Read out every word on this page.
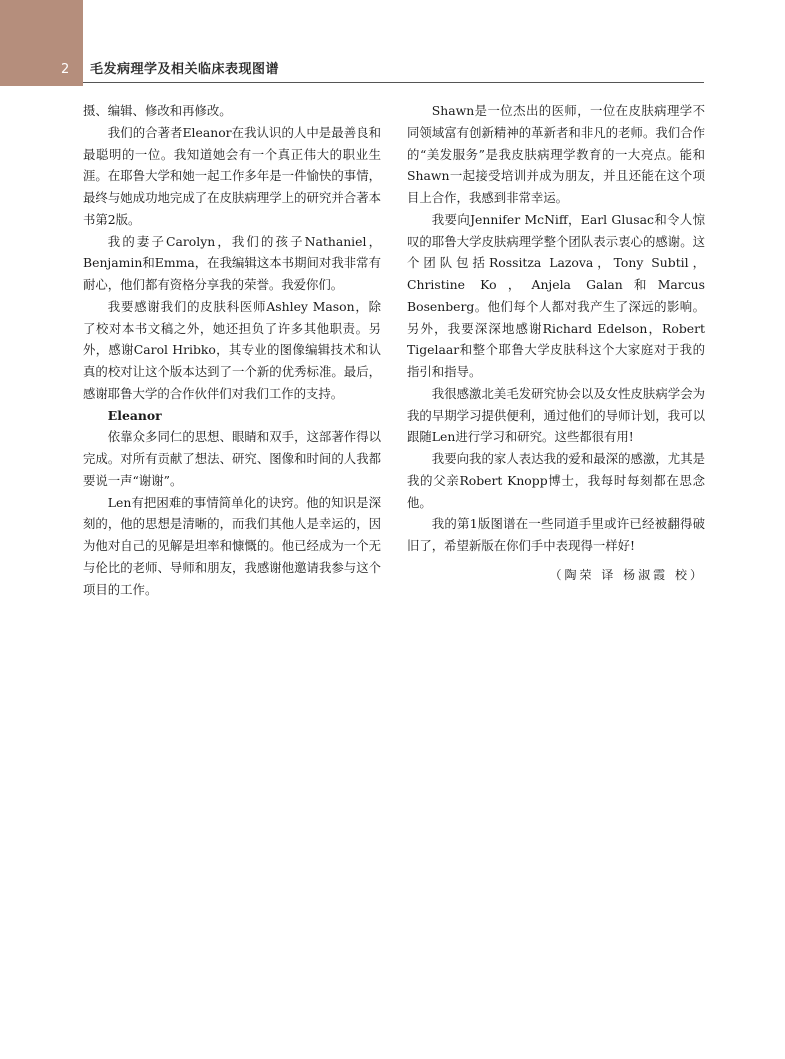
2 毛发病理学及相关临床表现图谱

摄、编辑、修改和再修改。

我们的合著者Eleanor在我认识的人中是最善良和最聪明的一位。我知道她会有一个真正伟大的职业生涯。在耶鲁大学和她一起工作多年是一件愉快的事情，最终与她成功地完成了在皮肤病理学上的研究并合著本书第2版。

我的妻子Carolyn，我们的孩子Nathaniel，Benjamin和Emma，在我编辑这本书期间对我非常有耐心，他们都有资格分享我的荣誉。我爱你们。

我要感谢我们的皮肤科医师Ashley Mason，除了校对本书文稿之外，她还担负了许多其他职责。另外，感谢Carol Hribko，其专业的图像编辑技术和认真的校对让这个版本达到了一个新的优秀标准。最后，感谢耶鲁大学的合作伙伴们对我们工作的支持。

Eleanor

依靠众多同仁的思想、眼睛和双手，这部著作得以完成。对所有贡献了想法、研究、图像和时间的人我都要说一声“谢谢”。

Len有把困难的事情简单化的诀窍。他的知识是深刻的，他的思想是清晰的，而我们其他人是幸运的，因为他对自己的见解是坦率和慷慨的。他已经成为一个无与伦比的老师、导师和朋友，我感谢他邀请我参与这个项目的工作。

Shawn是一位杰出的医师，一位在皮肤病理学不同领域富有创新精神的革新者和非凡的老师。我们合作的“美发服务”是我皮肤病理学教育的一大亮点。能和Shawn一起接受培训并成为朋友，并且还能在这个项目上合作，我感到非常幸运。

我要向Jennifer McNiff，Earl Glusac和令人惊叹的耶鲁大学皮肤病理学整个团队表示衷心的感谢。这个团队包括Rossitza Lazova，Tony Subtil，Christine Ko，Anjela Galan和Marcus Bosenberg。他们每个人都对我产生了深远的影响。另外，我要深深地感谢Richard Edelson，Robert Tigelaar和整个耶鲁大学皮肤科这个大家庭对于我的指引和指导。

我很感激北美毛发研究协会以及女性皮肤病学会为我的早期学习提供便利，通过他们的导师计划，我可以跟随Len进行学习和研究。这些都很有用!

我要向我的家人表达我的爱和最深的感激，尤其是我的父亲Robert Knopp博士，我每时每刻都在思念他。

我的第1版图谱在一些同道手里或许已经被翻得破旧了，希望新版在你们手中表现得一样好!

（陶荣 译 杨淑霞 校）
